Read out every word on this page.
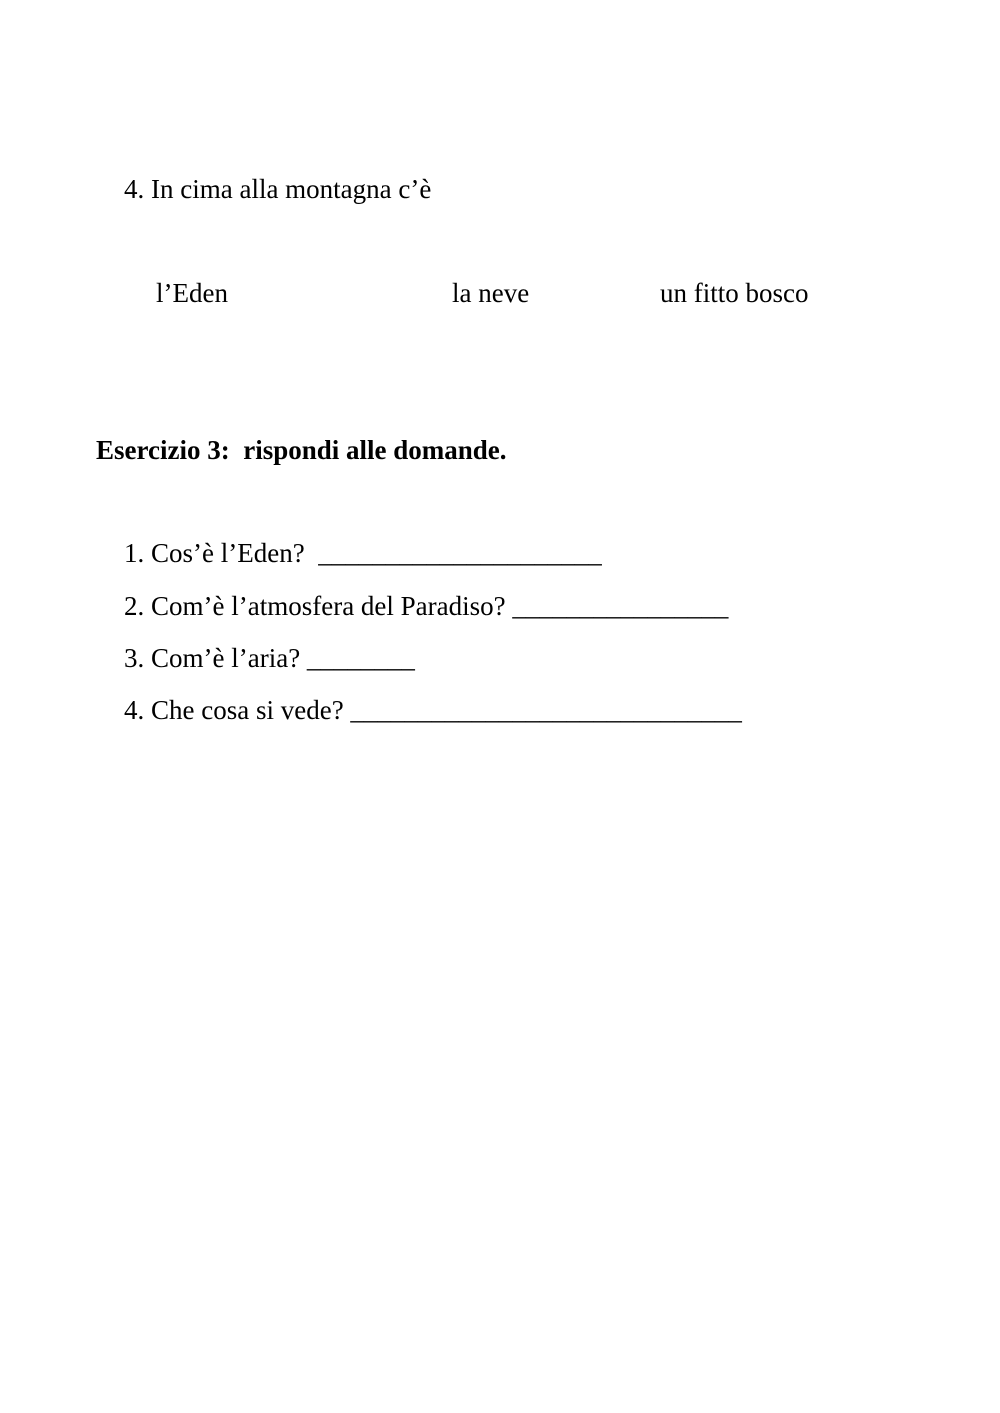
4. In cima alla montagna c’è
l’Eden	la neve	un fitto bosco
Esercizio 3:  rispondi alle domande.
1. Cos’è l’Eden?  _____________________
2. Com’è l’atmosfera del Paradiso? ________________
3. Com’è l’aria? ________
4. Che cosa si vede? _____________________________
